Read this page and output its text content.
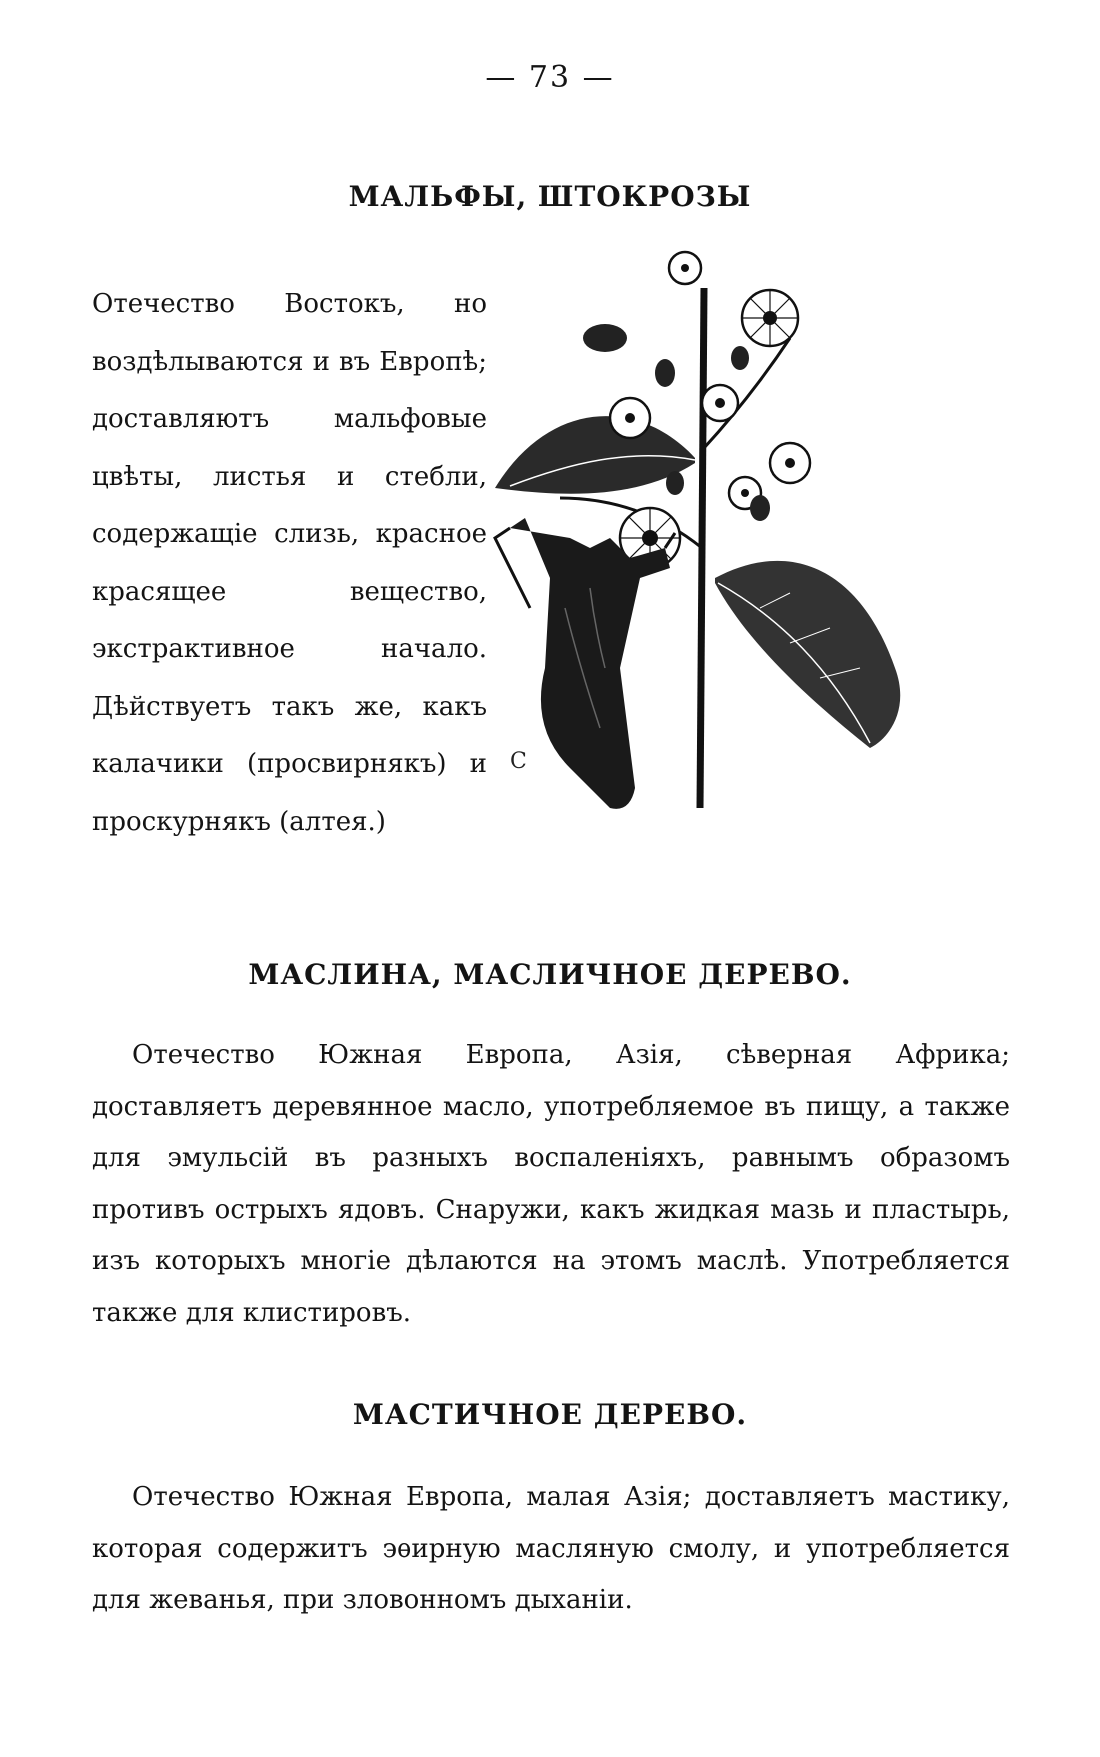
— 73 —
МАЛЬФЫ, ШТОКРОЗЫ
Отечество Востокъ, но воздѣлываются и въ Европѣ; доставляютъ мальфовые цвѣты, листья и стебли, содержащіе слизь, красное красящее вещество, экстрактивное начало. Дѣйствуетъ такъ же, какъ калачики (просвирнякъ) и проскурнякъ (алтея.)
C
МАСЛИНА, МАСЛИЧНОЕ ДЕРЕВО.
Отечество Южная Европа, Азія, сѣверная Африка; доставляетъ деревянное масло, употребляемое въ пищу, а также для эмульсій въ разныхъ воспаленіяхъ, равнымъ образомъ противъ острыхъ ядовъ. Снаружи, какъ жидкая мазь и пластырь, изъ которыхъ многіе дѣлаются на этомъ маслѣ. Употребляется также для клистировъ.
МАСТИЧНОЕ ДЕРЕВО.
Отечество Южная Европа, малая Азія; доставляетъ мастику, которая содержитъ эѳирную масляную смолу, и употребляется для жеванья, при зловонномъ дыханіи.
